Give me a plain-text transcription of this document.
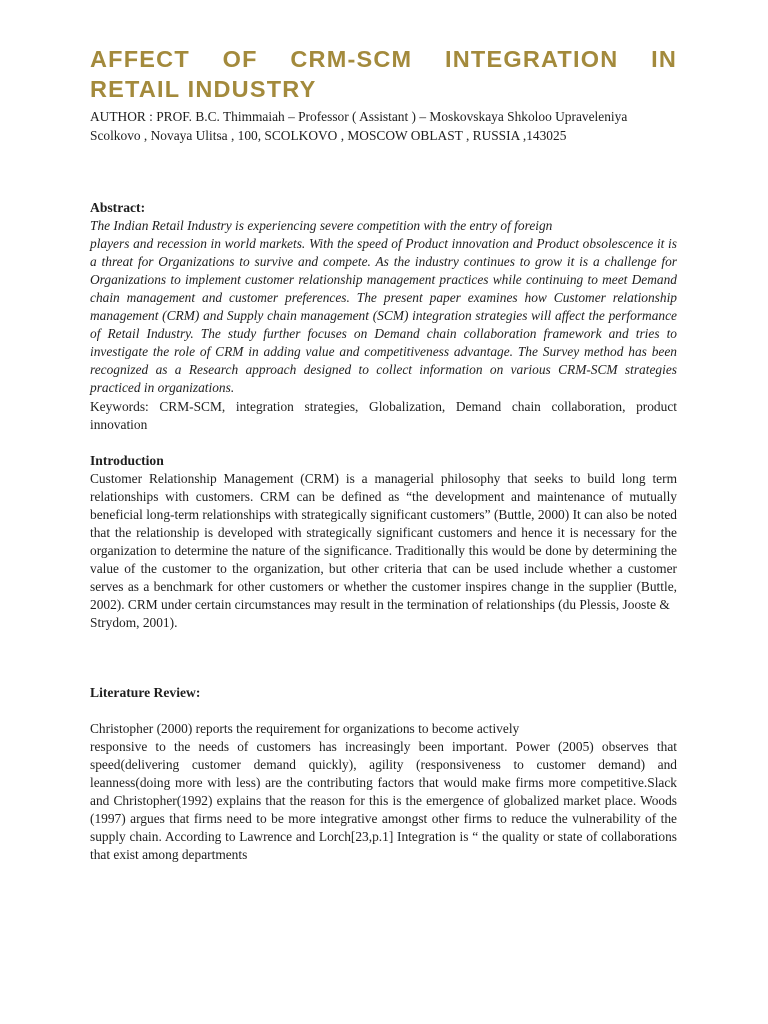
AFFECT OF CRM-SCM INTEGRATION IN
RETAIL INDUSTRY
AUTHOR : PROF. B.C. Thimmaiah – Professor ( Assistant ) – Moskovskaya Shkoloo Upraveleniya
Scolkovo , Novaya Ulitsa , 100, SCOLKOVO , MOSCOW OBLAST , RUSSIA ,143025
Abstract:

The Indian Retail Industry is experiencing severe competition with the entry of foreign
players and recession in world markets. With the speed of Product innovation and Product obsolescence it is a threat for Organizations to survive and compete. As the industry continues to grow it is a challenge for Organizations to implement customer relationship management practices while continuing to meet Demand chain management and customer preferences. The present paper examines how Customer relationship management (CRM) and Supply chain management (SCM) integration strategies will affect the performance of Retail Industry. The study further focuses on Demand chain collaboration framework and tries to investigate the role of CRM in adding value and competitiveness advantage. The Survey method has been recognized as a Research approach designed to collect information on various CRM-SCM strategies practiced in organizations.

Keywords: CRM-SCM, integration strategies, Globalization, Demand chain collaboration, product innovation

Introduction

Customer Relationship Management (CRM) is a managerial philosophy that seeks to build long term relationships with customers. CRM can be defined as “the development and maintenance of mutually beneficial long-term relationships with strategically significant customers” (Buttle, 2000) It can also be noted that the relationship is developed with strategically significant customers and hence it is necessary for the organization to determine the nature of the significance. Traditionally this would be done by determining the value of the customer to the organization, but other criteria that can be used include whether a customer serves as a benchmark for other customers or whether the customer inspires change in the supplier (Buttle, 2002). CRM under certain circumstances may result in the termination of relationships (du Plessis, Jooste &

Strydom, 2001).

Literature Review:

Christopher (2000) reports the requirement for organizations to become actively
responsive to the needs of customers has increasingly been important. Power (2005) observes that speed(delivering customer demand quickly), agility (responsiveness to customer demand) and leanness(doing more with less) are the contributing factors that would make firms more competitive.Slack and Christopher(1992) explains that the reason for this is the emergence of globalized market place. Woods (1997) argues that firms need to be more integrative amongst other firms to reduce the vulnerability of the supply chain. According to Lawrence and Lorch[23,p.1] Integration is “ the quality or state of collaborations that exist among departments
